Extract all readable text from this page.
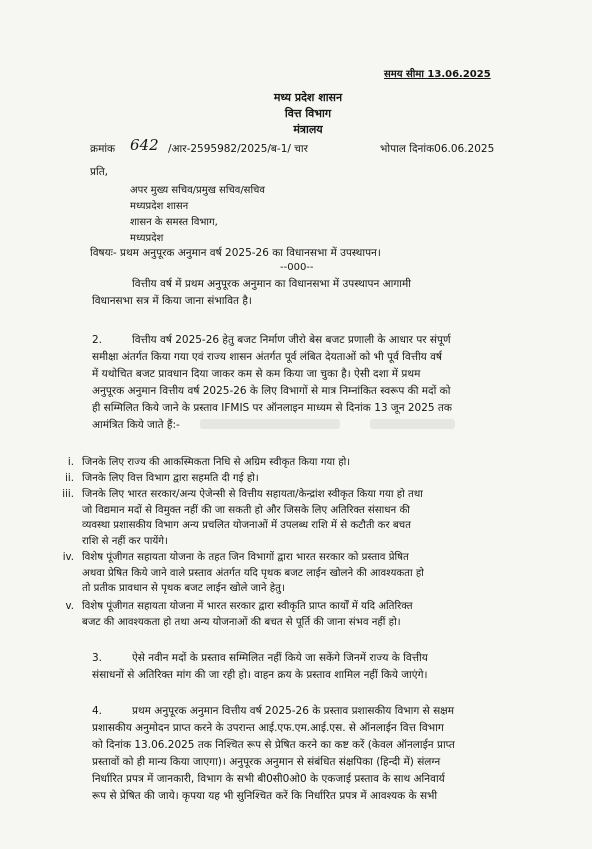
समय सीमा 13.06.2025
मध्य प्रदेश शासन
वित्त विभाग
मंत्रालय
क्रमांक 642 /आर-2595982/2025/ब-1/ चार	भोपाल दिनांक06.06.2025
प्रति,
अपर मुख्य सचिव/प्रमुख सचिव/सचिव
मध्यप्रदेश शासन
शासन के समस्त विभाग,
मध्यप्रदेश
विषयः- प्रथम अनुपूरक अनुमान वर्ष 2025-26 का विधानसभा में उपस्थापन।
--000--
वित्तीय वर्ष में प्रथम अनुपूरक अनुमान का विधानसभा में उपस्थापन आगामी
विधानसभा सत्र में किया जाना संभावित है।
2.	वित्तीय वर्ष 2025-26 हेतु बजट निर्माण जीरो बेस बजट प्रणाली के आधार पर संपूर्ण
समीक्षा अंतर्गत किया गया एवं राज्य शासन अंतर्गत पूर्व लंबित देयताओं को भी पूर्व वित्तीय वर्ष
में यथोचित बजट प्रावधान दिया जाकर कम से कम किया जा चुका है। ऐसी दशा में प्रथम
अनुपूरक अनुमान वित्तीय वर्ष 2025-26 के लिए विभागों से मात्र निम्नांकित स्वरूप की मदों को
ही सम्मिलित किये जाने के प्रस्ताव IFMIS पर ऑनलाइन माध्यम से दिनांक 13 जून 2025 तक
आमंत्रित किये जाते हैं:-
i. जिनके लिए राज्य की आकस्मिकता निधि से अग्रिम स्वीकृत किया गया हो।
ii. जिनके लिए वित्त विभाग द्वारा सहमति दी गई हो।
iii. जिनके लिए भारत सरकार/अन्य ऐजेन्सी से वित्तीय सहायता/केन्द्रांश स्वीकृत किया गया हो तथा
जो विद्यमान मदों से विमुक्त नहीं की जा सकती हो और जिसके लिए अतिरिक्त संसाधन की
व्यवस्था प्रशासकीय विभाग अन्य प्रचलित योजनाओं में उपलब्ध राशि में से कटौती कर बचत
राशि से नहीं कर पायेंगे।
iv. विशेष पूंजीगत सहायता योजना के तहत जिन विभागों द्वारा भारत सरकार को प्रस्ताव प्रेषित
अथवा प्रेषित किये जाने वाले प्रस्ताव अंतर्गत यदि पृथक बजट लाईन खोलने की आवश्यकता हो
तो प्रतीक प्रावधान से पृथक बजट लाईन खोले जाने हेतु।
v. विशेष पूंजीगत सहायता योजना में भारत सरकार द्वारा स्वीकृति प्राप्त कार्यों में यदि अतिरिक्त
बजट की आवश्यकता हो तथा अन्य योजनाओं की बचत से पूर्ति की जाना संभव नहीं हो।
3.	ऐसे नवीन मदों के प्रस्ताव सम्मिलित नहीं किये जा सकेंगे जिनमें राज्य के वित्तीय
संसाधनों से अतिरिक्त मांग की जा रही हो। वाहन क्रय के प्रस्ताव शामिल नहीं किये जाएंगे।
4.	प्रथम अनुपूरक अनुमान वित्तीय वर्ष 2025-26 के प्रस्ताव प्रशासकीय विभाग से सक्षम
प्रशासकीय अनुमोदन प्राप्त करने के उपरान्त आई.एफ.एम.आई.एस. से ऑनलाईन वित्त विभाग
को दिनांक 13.06.2025 तक निश्चित रूप से प्रेषित करने का कष्ट करें (केवल ऑनलाईन प्राप्त
प्रस्तावों को ही मान्य किया जाएगा)। अनुपूरक अनुमान से संबंधित संक्षपिका (हिन्दी में) संलग्न
निर्धारित प्रपत्र में जानकारी, विभाग के सभी बी0सी0ओ0 के एकजाई प्रस्ताव के साथ अनिवार्य
रूप से प्रेषित की जाये। कृपया यह भी सुनिश्चित करें कि निर्धारित प्रपत्र में आवश्यक के सभी
